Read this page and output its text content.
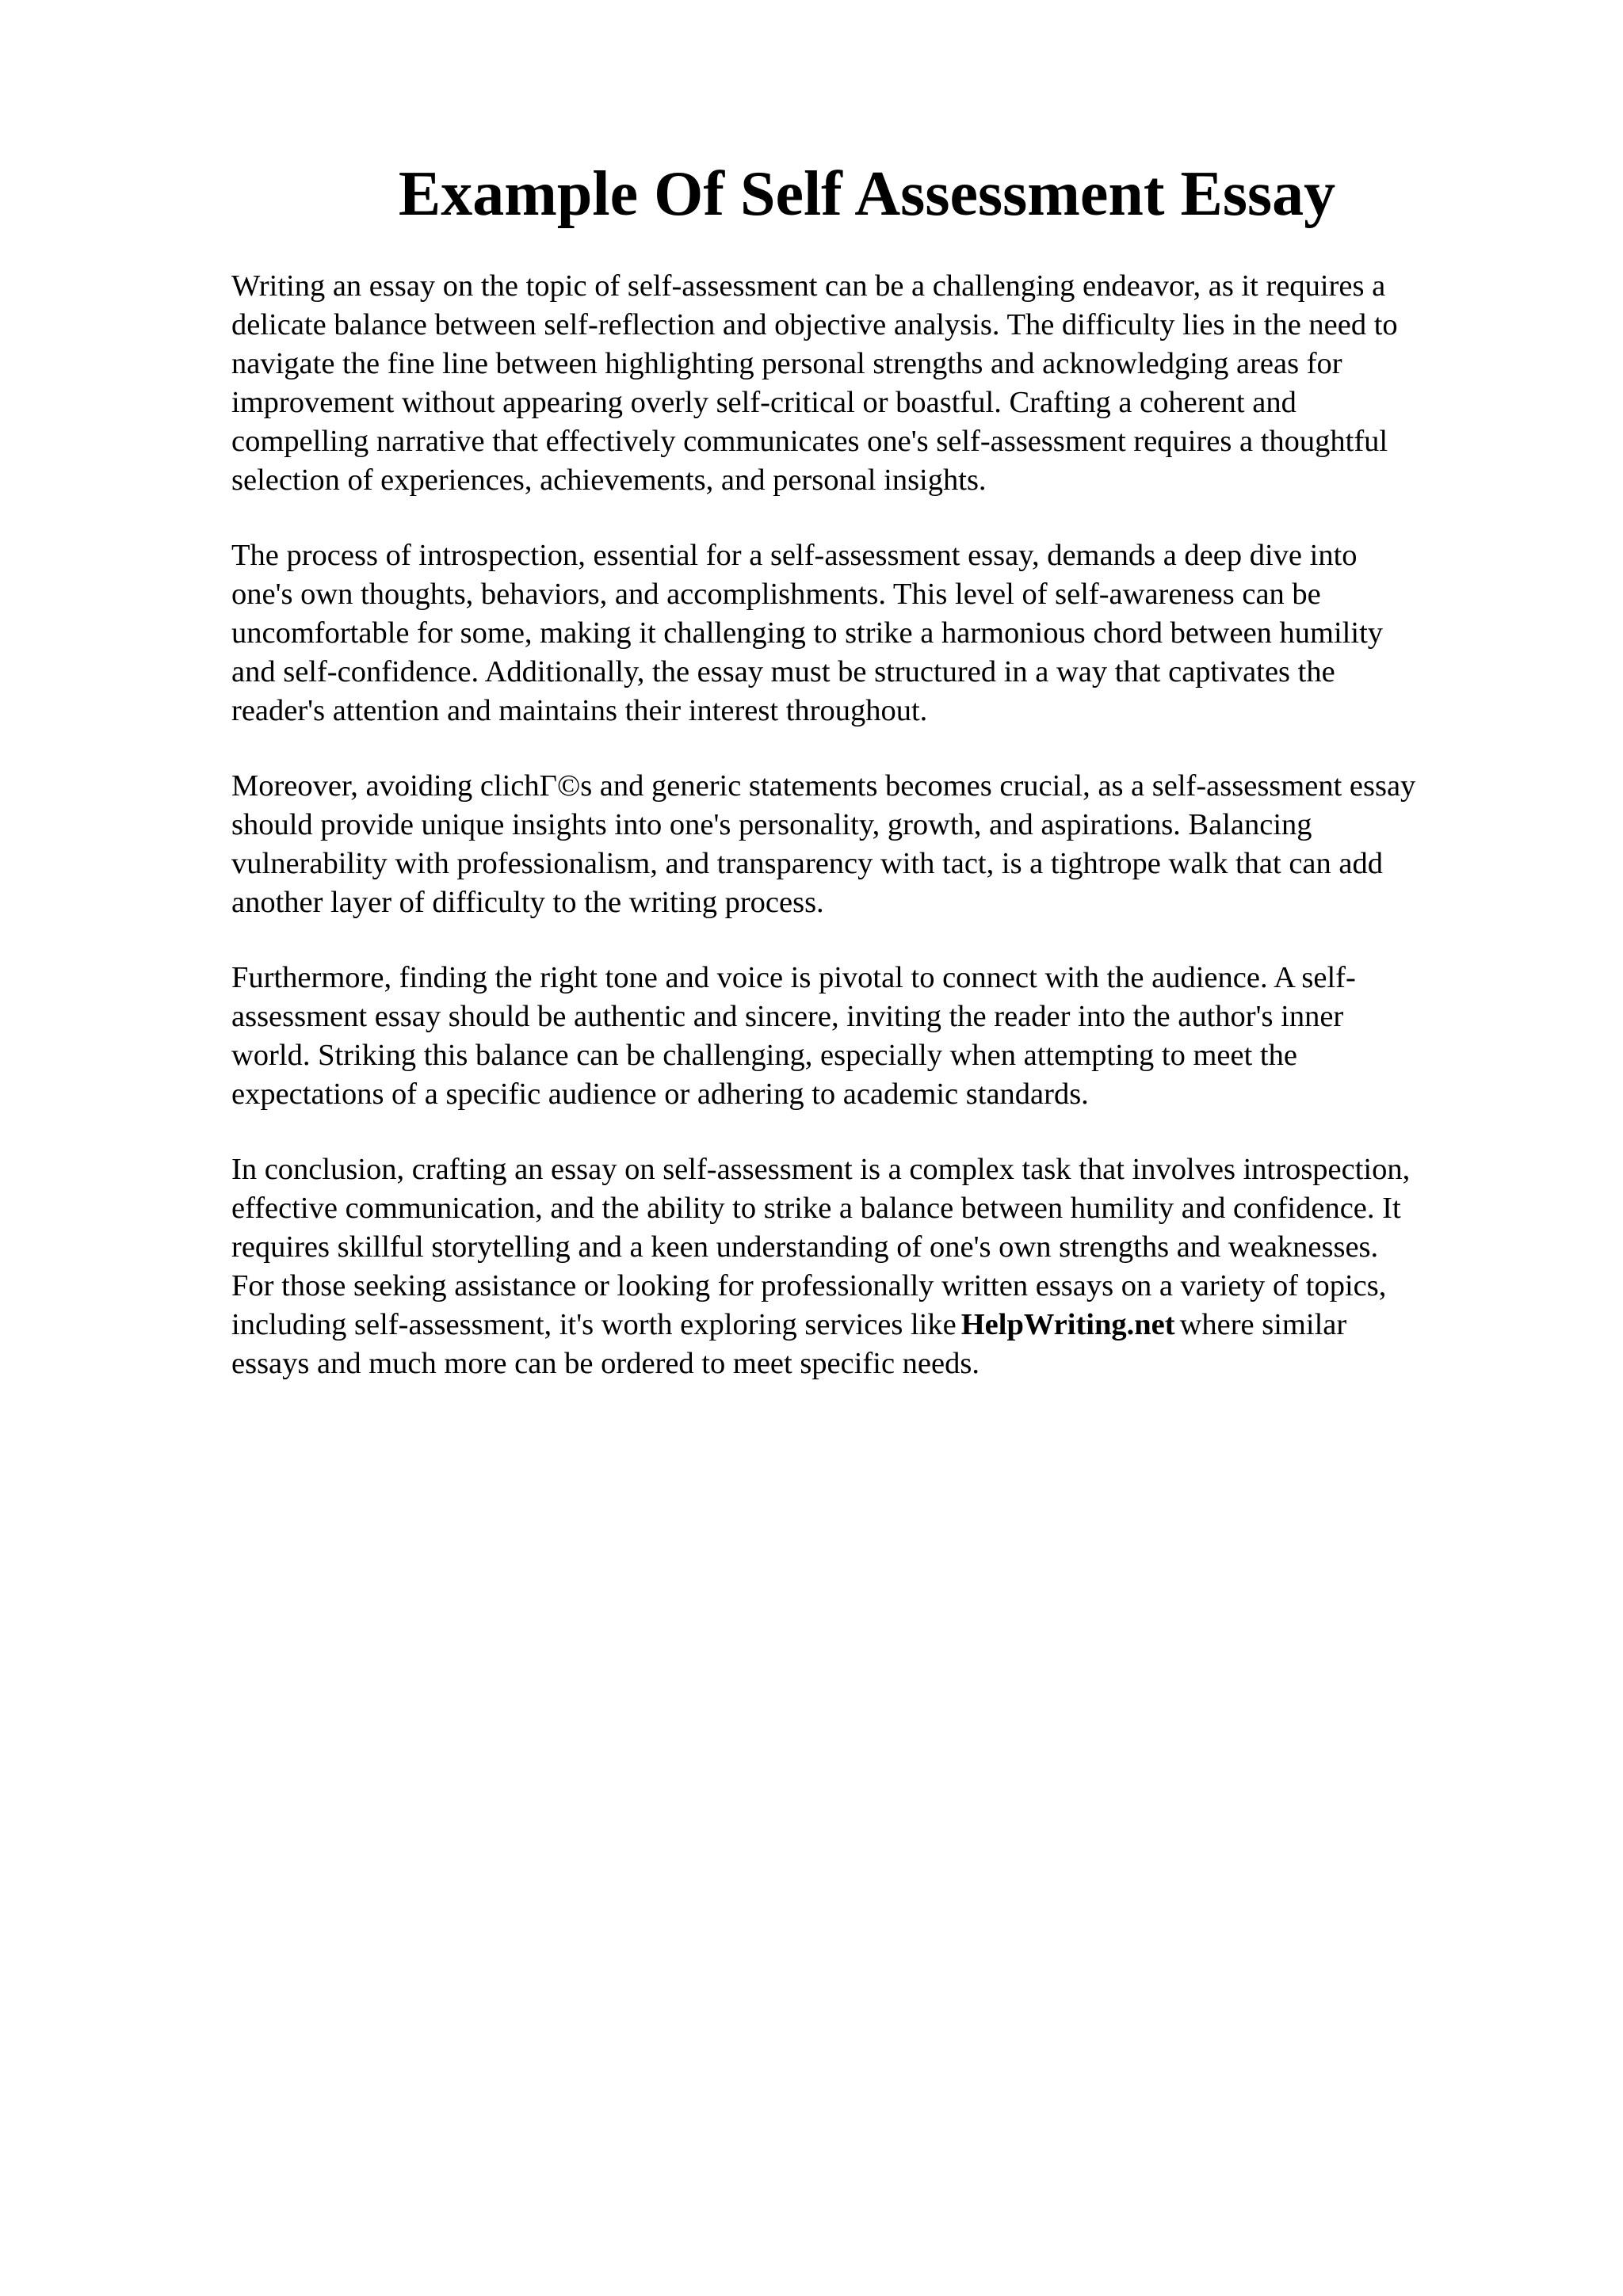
Example Of Self Assessment Essay

Writing an essay on the topic of self-assessment can be a challenging endeavor, as it requires a
delicate balance between self-reflection and objective analysis. The difficulty lies in the need to
navigate the fine line between highlighting personal strengths and acknowledging areas for
improvement without appearing overly self-critical or boastful. Crafting a coherent and
compelling narrative that effectively communicates one's self-assessment requires a thoughtful
selection of experiences, achievements, and personal insights.

The process of introspection, essential for a self-assessment essay, demands a deep dive into
one's own thoughts, behaviors, and accomplishments. This level of self-awareness can be
uncomfortable for some, making it challenging to strike a harmonious chord between humility
and self-confidence. Additionally, the essay must be structured in a way that captivates the
reader's attention and maintains their interest throughout.

Moreover, avoiding clichΓ©s and generic statements becomes crucial, as a self-assessment essay
should provide unique insights into one's personality, growth, and aspirations. Balancing
vulnerability with professionalism, and transparency with tact, is a tightrope walk that can add
another layer of difficulty to the writing process.

Furthermore, finding the right tone and voice is pivotal to connect with the audience. A self-
assessment essay should be authentic and sincere, inviting the reader into the author's inner
world. Striking this balance can be challenging, especially when attempting to meet the
expectations of a specific audience or adhering to academic standards.

In conclusion, crafting an essay on self-assessment is a complex task that involves introspection,
effective communication, and the ability to strike a balance between humility and confidence. It
requires skillful storytelling and a keen understanding of one's own strengths and weaknesses.
For those seeking assistance or looking for professionally written essays on a variety of topics,
including self-assessment, it's worth exploring services like HelpWriting.net where similar
essays and much more can be ordered to meet specific needs.
